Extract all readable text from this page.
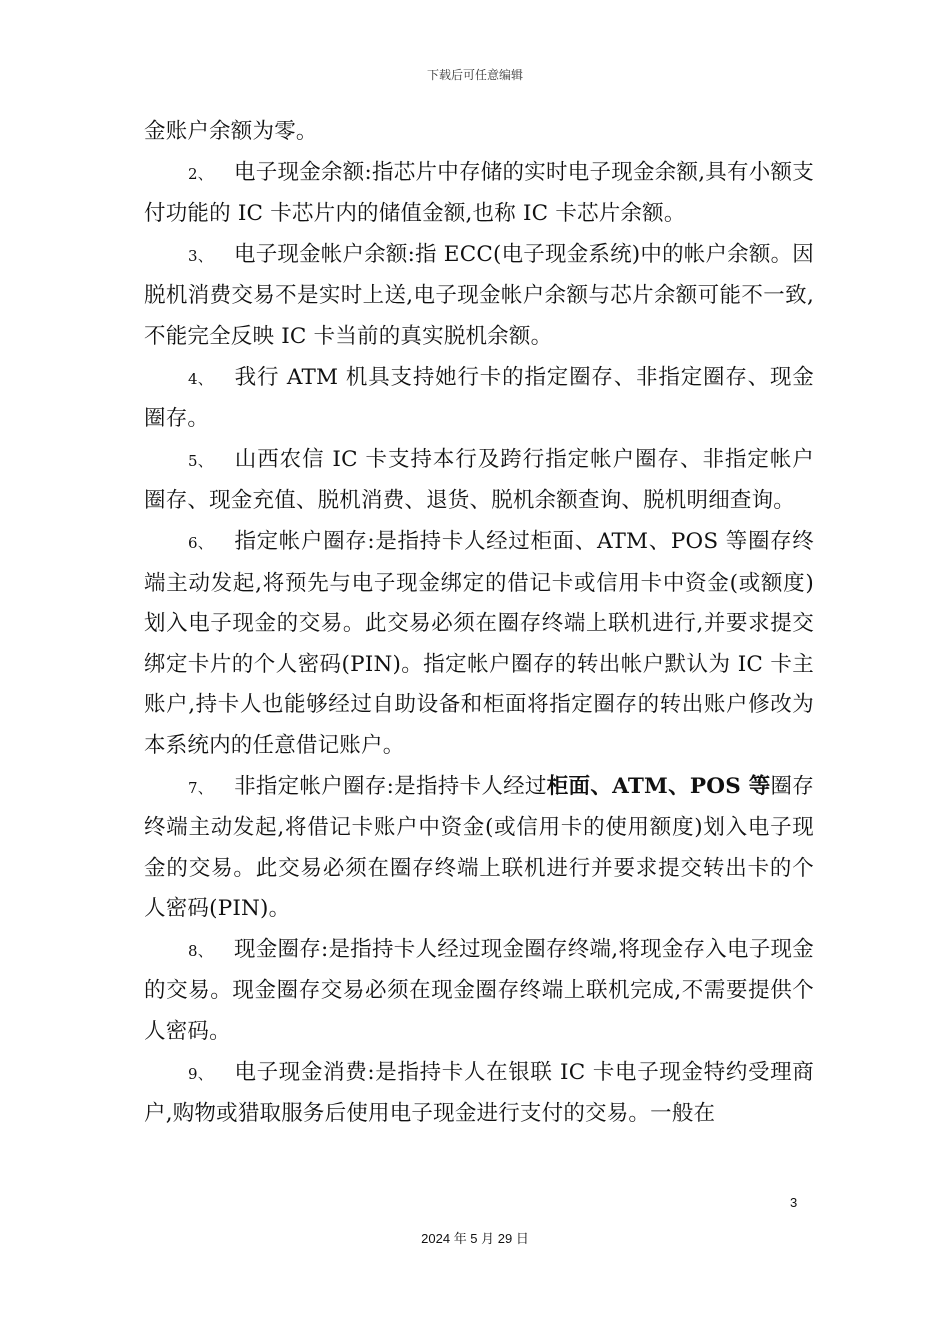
下载后可任意编辑

金账户余额为零。

2、 电子现金余额:指芯片中存储的实时电子现金余额,具有小额支付功能的 IC 卡芯片内的储值金额,也称 IC 卡芯片余额。

3、 电子现金帐户余额:指 ECC(电子现金系统)中的帐户余额。因脱机消费交易不是实时上送,电子现金帐户余额与芯片余额可能不一致,不能完全反映 IC 卡当前的真实脱机余额。

4、 我行 ATM 机具支持她行卡的指定圈存、非指定圈存、现金圈存。

5、 山西农信 IC 卡支持本行及跨行指定帐户圈存、非指定帐户圈存、现金充值、脱机消费、退货、脱机余额查询、脱机明细查询。

6、 指定帐户圈存:是指持卡人经过柜面、ATM、POS 等圈存终端主动发起,将预先与电子现金绑定的借记卡或信用卡中资金(或额度)划入电子现金的交易。此交易必须在圈存终端上联机进行,并要求提交绑定卡片的个人密码(PIN)。指定帐户圈存的转出帐户默认为 IC 卡主账户,持卡人也能够经过自助设备和柜面将指定圈存的转出账户修改为本系统内的任意借记账户。

7、 非指定帐户圈存:是指持卡人经过柜面、ATM、POS 等圈存终端主动发起,将借记卡账户中资金(或信用卡的使用额度)划入电子现金的交易。此交易必须在圈存终端上联机进行并要求提交转出卡的个人密码(PIN)。

8、 现金圈存:是指持卡人经过现金圈存终端,将现金存入电子现金的交易。现金圈存交易必须在现金圈存终端上联机完成,不需要提供个人密码。

9、 电子现金消费:是指持卡人在银联 IC 卡电子现金特约受理商户,购物或猎取服务后使用电子现金进行支付的交易。一般在

3
2024 年 5 月 29 日
